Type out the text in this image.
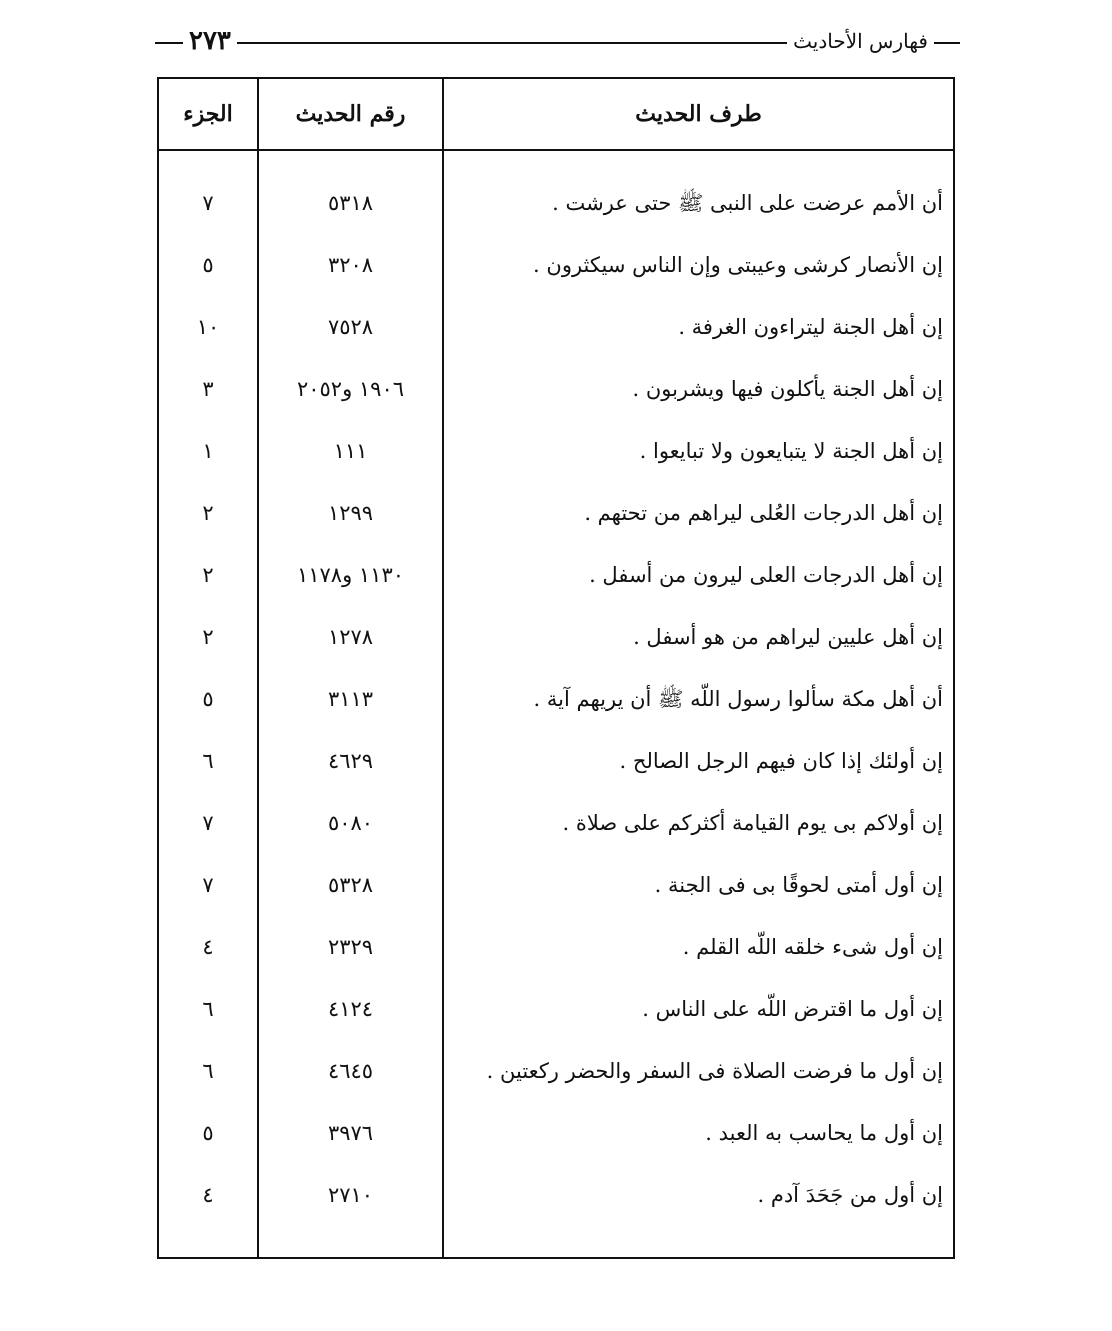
٢٧٣	فهارس الأحاديث
الجزء	رقم الحديث	طرف الحديث
٧	٥٣١٨	أن الأمم عرضت على النبى ﷺ حتى عرشت .
٥	٣٢٠٨	إن الأنصار كرشى وعيبتى وإن الناس سيكثرون .
١٠	٧٥٢٨	إن أهل الجنة ليتراءون الغرفة .
٣	١٩٠٦ و٢٠٥٢	إن أهل الجنة يأكلون فيها ويشربون .
١	١١١	إن أهل الجنة لا يتبايعون ولا تبايعوا .
٢	١٢٩٩	إن أهل الدرجات العُلى ليراهم من تحتهم .
٢	١١٣٠ و١١٧٨	إن أهل الدرجات العلى ليرون من أسفل .
٢	١٢٧٨	إن أهل عليين ليراهم من هو أسفل .
٥	٣١١٣	أن أهل مكة سألوا رسول اللّه ﷺ أن يريهم آية .
٦	٤٦٢٩	إن أولئك إذا كان فيهم الرجل الصالح .
٧	٥٠٨٠	إن أولاكم بى يوم القيامة أكثركم على صلاة .
٧	٥٣٢٨	إن أول أمتى لحوقًا بى فى الجنة .
٤	٢٣٢٩	إن أول شىء خلقه اللّه القلم .
٦	٤١٢٤	إن أول ما اقترض اللّه على الناس .
٦	٤٦٤٥	إن أول ما فرضت الصلاة فى السفر والحضر ركعتين .
٥	٣٩٧٦	إن أول ما يحاسب به العبد .
٤	٢٧١٠	إن أول من جَحَدَ آدم .
